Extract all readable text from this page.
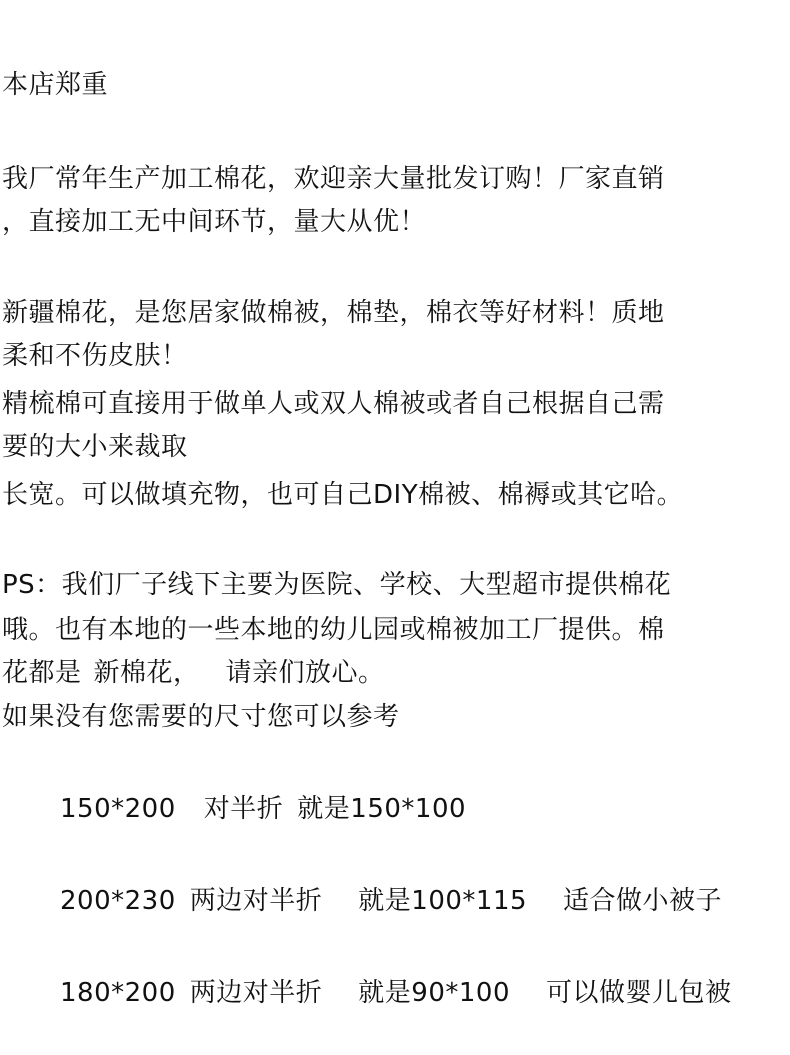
本店郑重
我厂常年生产加工棉花，欢迎亲大量批发订购！厂家直销
，直接加工无中间环节，量大从优！
新疆棉花，是您居家做棉被，棉垫，棉衣等好材料！质地
柔和不伤皮肤！
精梳棉可直接用于做单人或双人棉被或者自己根据自己需
要的大小来裁取
长宽。可以做填充物，也可自己DIY棉被、棉褥或其它哈。
PS：我们厂子线下主要为医院、学校、大型超市提供棉花
哦。也有本地的一些本地的幼儿园或棉被加工厂提供。棉
花都是 新棉花， 请亲们放心。
如果没有您需要的尺寸您可以参考
150*200 对半折 就是150*100
200*230 两边对半折 就是100*115 适合做小被子
180*200 两边对半折 就是90*100 可以做婴儿包被
